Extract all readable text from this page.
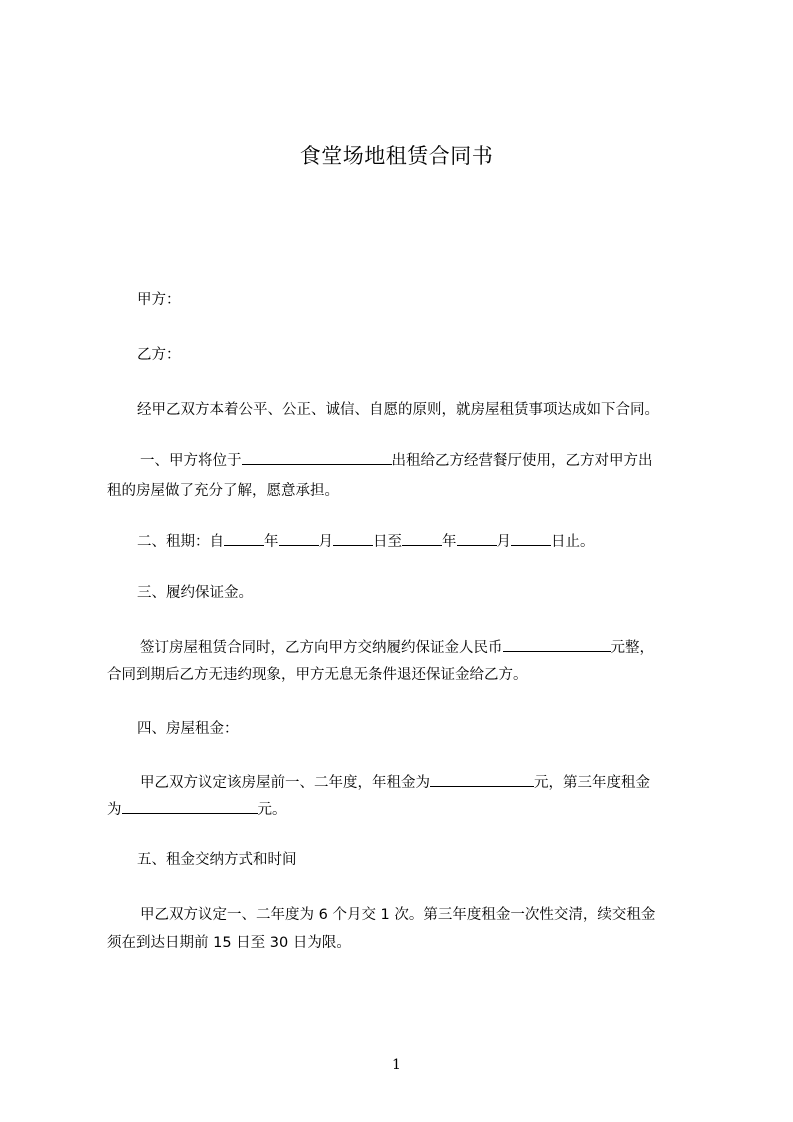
食堂场地租赁合同书
甲方：
乙方：
经甲乙双方本着公平、公正、诚信、自愿的原则，就房屋租赁事项达成如下合同。
一、甲方将位于	出租给乙方经营餐厅使用，乙方对甲方出
租的房屋做了充分了解，愿意承担。
二、租期：自	年	月	日至	年	月	日止。
三、履约保证金。
签订房屋租赁合同时，乙方向甲方交纳履约保证金人民币	元整，
合同到期后乙方无违约现象，甲方无息无条件退还保证金给乙方。
四、房屋租金：
甲乙双方议定该房屋前一、二年度，年租金为	元，第三年度租金
为	元。
五、租金交纳方式和时间
甲乙双方议定一、二年度为 6 个月交 1 次。第三年度租金一次性交清，续交租金
须在到达日期前 15 日至 30 日为限。
1
